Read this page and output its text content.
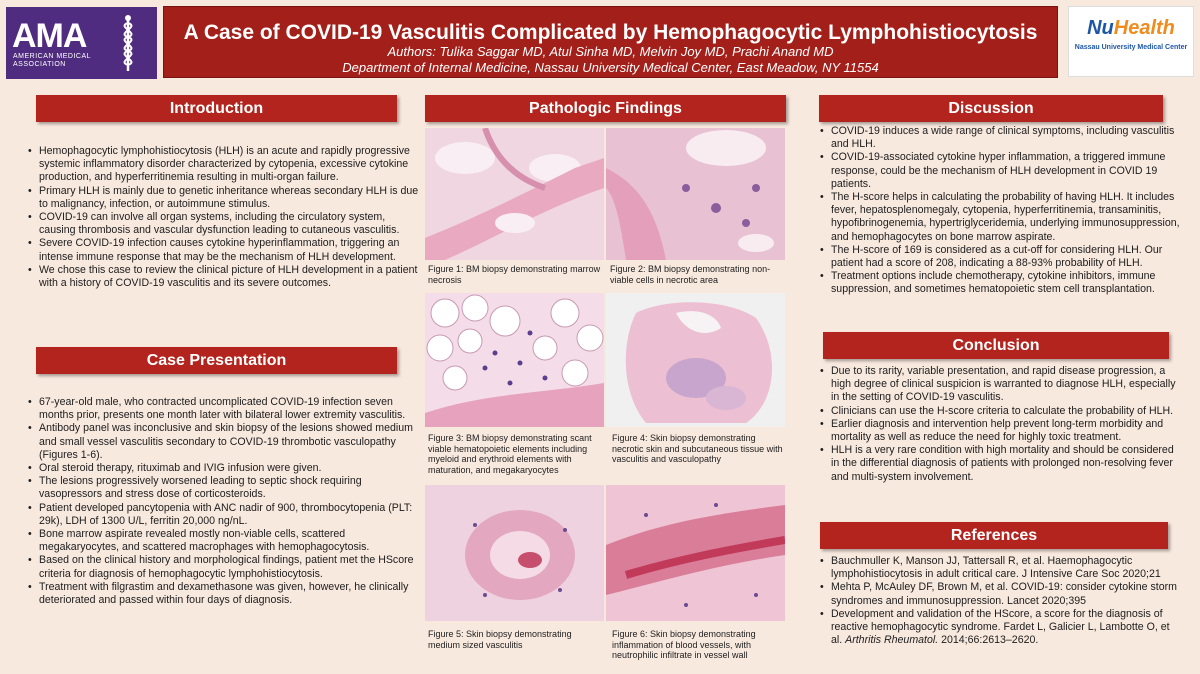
AMA
AMERICAN MEDICAL
ASSOCIATION
A Case of COVID-19 Vasculitis Complicated by Hemophagocytic Lymphohistiocytosis
Authors: Tulika Saggar MD, Atul Sinha MD, Melvin Joy MD, Prachi Anand MD
Department of Internal Medicine, Nassau University Medical Center, East Meadow, NY 11554
NuHealth
Nassau University Medical Center
Introduction
• Hemophagocytic lymphohistiocytosis (HLH) is an acute and rapidly progressive systemic inflammatory disorder characterized by cytopenia, excessive cytokine production, and hyperferritinemia resulting in multi-organ failure.
• Primary HLH is mainly due to genetic inheritance whereas secondary HLH is due to malignancy, infection, or autoimmune stimulus.
• COVID-19 can involve all organ systems, including the circulatory system, causing thrombosis and vascular dysfunction leading to cutaneous vasculitis.
• Severe COVID-19 infection causes cytokine hyperinflammation, triggering an intense immune response that may be the mechanism of HLH development.
• We chose this case to review the clinical picture of HLH development in a patient with a history of COVID-19 vasculitis and its severe outcomes.
Case Presentation
• 67-year-old male, who contracted uncomplicated COVID-19 infection seven months prior, presents one month later with bilateral lower extremity vasculitis.
• Antibody panel was inconclusive and skin biopsy of the lesions showed medium and small vessel vasculitis secondary to COVID-19 thrombotic vasculopathy (Figures 1-6).
• Oral steroid therapy, rituximab and IVIG infusion were given.
• The lesions progressively worsened leading to septic shock requiring vasopressors and stress dose of corticosteroids.
• Patient developed pancytopenia with ANC nadir of 900, thrombocytopenia (PLT: 29k), LDH of 1300 U/L, ferritin 20,000 ng/nL.
• Bone marrow aspirate revealed mostly non-viable cells, scattered megakaryocytes, and scattered macrophages with hemophagocytosis.
• Based on the clinical history and morphological findings, patient met the HScore criteria for diagnosis of hemophagocytic lymphohistiocytosis.
• Treatment with filgrastim and dexamethasone was given, however, he clinically deteriorated and passed within four days of diagnosis.
Pathologic Findings
Figure 1: BM biopsy demonstrating marrow necrosis
Figure 2: BM biopsy demonstrating non-viable cells in necrotic area
Figure 3: BM biopsy demonstrating scant viable hematopoietic elements including myeloid and erythroid elements with maturation, and megakaryocytes
Figure 4: Skin biopsy demonstrating necrotic skin and subcutaneous tissue with vasculitis and vasculopathy
Figure 5: Skin biopsy demonstrating medium sized vasculitis
Figure 6: Skin biopsy demonstrating inflammation of blood vessels, with neutrophilic infiltrate in vessel wall
Discussion
• COVID-19 induces a wide range of clinical symptoms, including vasculitis and HLH.
• COVID-19-associated cytokine hyper inflammation, a triggered immune response, could be the mechanism of HLH development in COVID 19 patients.
• The H-score helps in calculating the probability of having HLH. It includes fever, hepatosplenomegaly, cytopenia, hyperferritinemia, transaminitis, hypofibrinogenemia, hypertriglyceridemia, underlying immunosuppression, and hemophagocytes on bone marrow aspirate.
• The H-score of 169 is considered as a cut-off for considering HLH. Our patient had a score of 208, indicating a 88-93% probability of HLH.
• Treatment options include chemotherapy, cytokine inhibitors, immune suppression, and sometimes hematopoietic stem cell transplantation.
Conclusion
• Due to its rarity, variable presentation, and rapid disease progression, a high degree of clinical suspicion is warranted to diagnose HLH, especially in the setting of COVID-19 vasculitis.
• Clinicians can use the H-score criteria to calculate the probability of HLH.
• Earlier diagnosis and intervention help prevent long-term morbidity and mortality as well as reduce the need for highly toxic treatment.
• HLH is a very rare condition with high mortality and should be considered in the differential diagnosis of patients with prolonged non-resolving fever and multi-system involvement.
References
• Bauchmuller K, Manson JJ, Tattersall R, et al. Haemophagocytic lymphohistiocytosis in adult critical care. J Intensive Care Soc 2020;21
• Mehta P, McAuley DF, Brown M, et al. COVID-19: consider cytokine storm syndromes and immunosuppression. Lancet 2020;395
• Development and validation of the HScore, a score for the diagnosis of reactive hemophagocytic syndrome. Fardet L, Galicier L, Lambotte O, et al. Arthritis Rheumatol. 2014;66:2613–2620.
